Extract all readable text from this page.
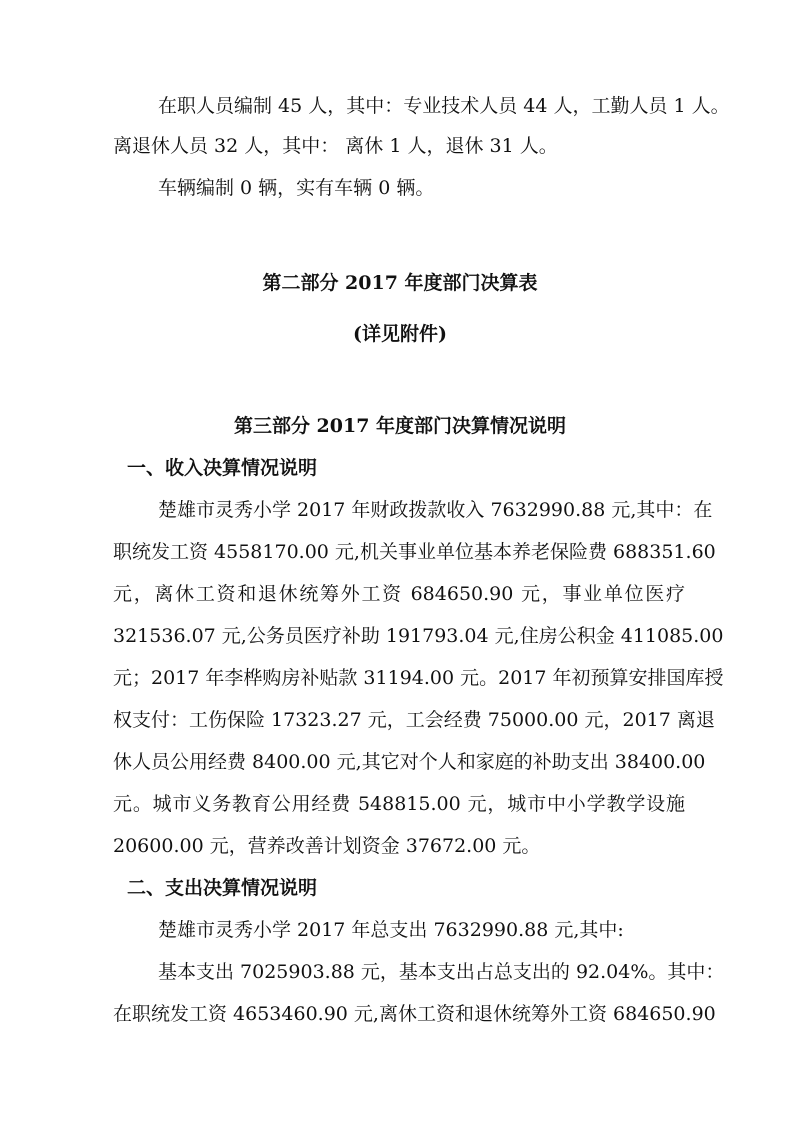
在职人员编制 45 人，其中：专业技术人员 44 人，工勤人员 1 人。
离退休人员 32 人，其中： 离休 1 人，退休 31 人。
车辆编制 0 辆，实有车辆 0 辆。
第二部分 2017 年度部门决算表
(详见附件)
第三部分 2017 年度部门决算情况说明
一、收入决算情况说明
楚雄市灵秀小学 2017 年财政拨款收入 7632990.88 元,其中：在
职统发工资 4558170.00 元,机关事业单位基本养老保险费 688351.60
元，离休工资和退休统筹外工资 684650.90 元，事业单位医疗
321536.07 元,公务员医疗补助 191793.04 元,住房公积金 411085.00
元；2017 年李桦购房补贴款 31194.00 元。2017 年初预算安排国库授
权支付：工伤保险 17323.27 元，工会经费 75000.00 元，2017 离退
休人员公用经费 8400.00 元,其它对个人和家庭的补助支出 38400.00
元。城市义务教育公用经费 548815.00 元，城市中小学教学设施
20600.00 元，营养改善计划资金 37672.00 元。
二、支出决算情况说明
楚雄市灵秀小学 2017 年总支出 7632990.88 元,其中:
基本支出 7025903.88 元，基本支出占总支出的 92.04%。其中：
在职统发工资 4653460.90 元,离休工资和退休统筹外工资 684650.90
